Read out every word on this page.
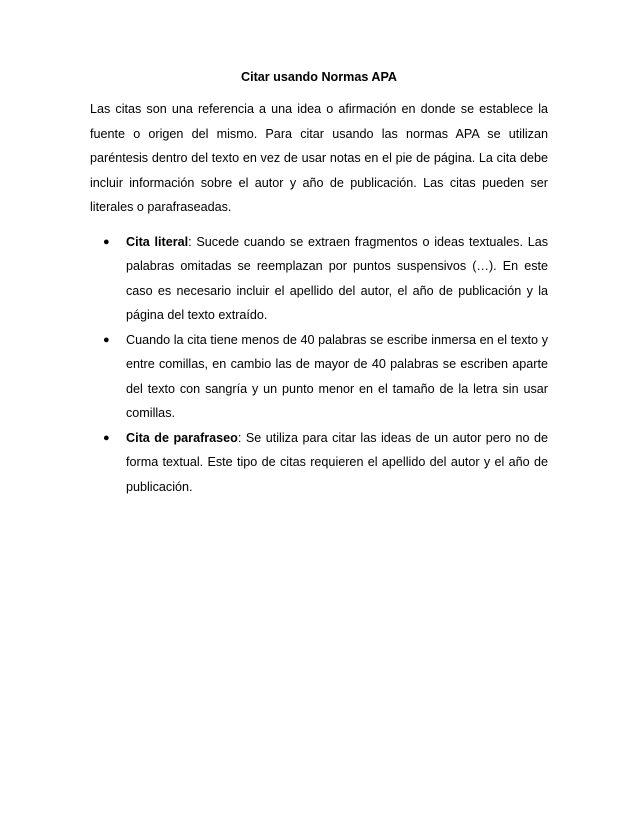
Citar usando Normas APA

Las citas son una referencia a una idea o afirmación en donde se establece la fuente o origen del mismo. Para citar usando las normas APA se utilizan paréntesis dentro del texto en vez de usar notas en el pie de página. La cita debe incluir información sobre el autor y año de publicación. Las citas pueden ser literales o parafraseadas.

● Cita literal: Sucede cuando se extraen fragmentos o ideas textuales. Las palabras omitadas se reemplazan por puntos suspensivos (…). En este caso es necesario incluir el apellido del autor, el año de publicación y la página del texto extraído.
● Cuando la cita tiene menos de 40 palabras se escribe inmersa en el texto y entre comillas, en cambio las de mayor de 40 palabras se escriben aparte del texto con sangría y un punto menor en el tamaño de la letra sin usar comillas.
● Cita de parafraseo: Se utiliza para citar las ideas de un autor pero no de forma textual. Este tipo de citas requieren el apellido del autor y el año de publicación.
